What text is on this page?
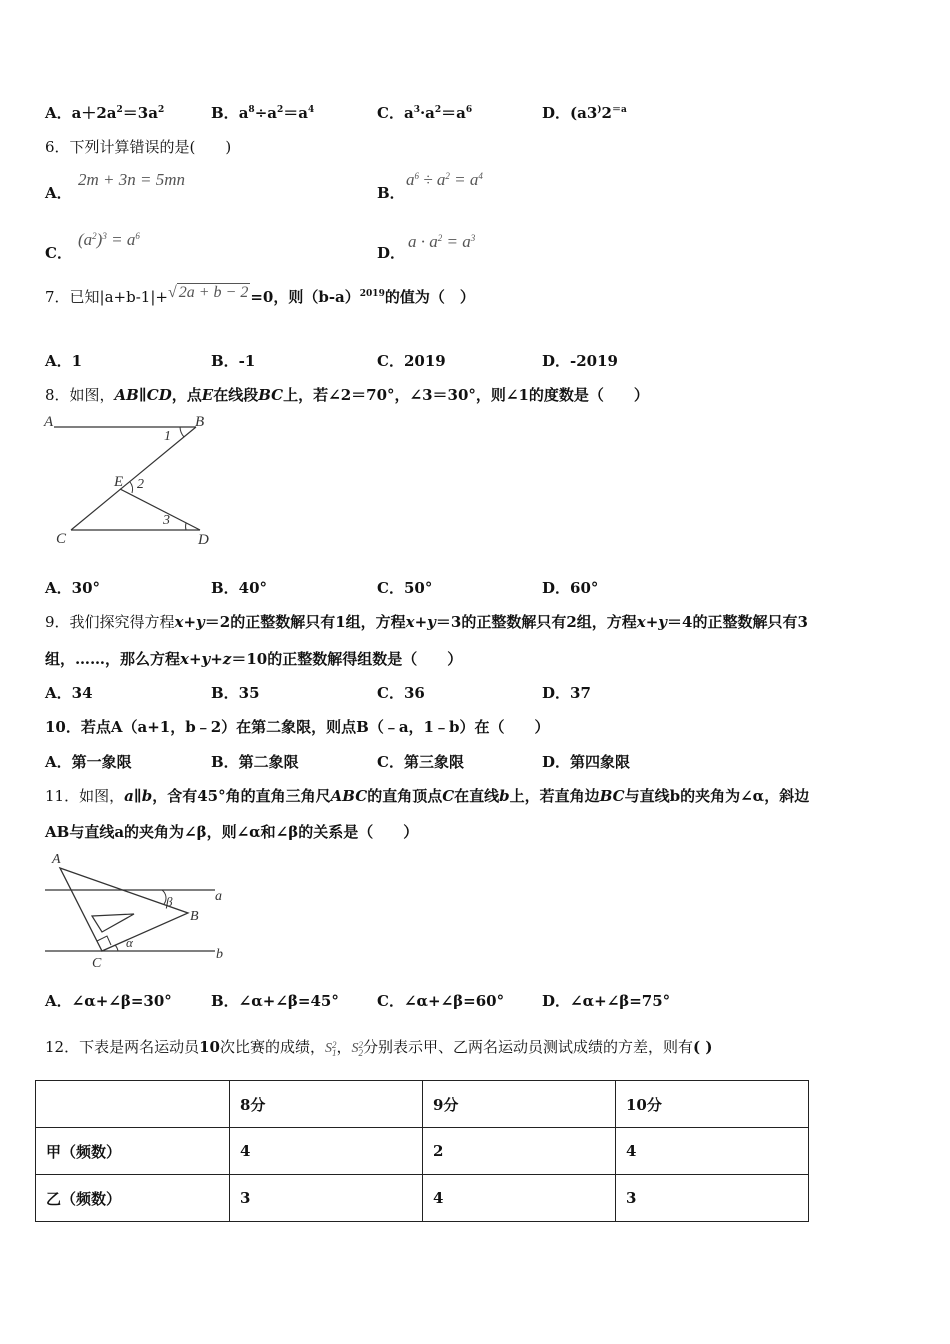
A．$a+2a^2=3a^2$	B．$a^8\div a^2=a^4$	C．$a^3\cdot a^2=a^6$	D．($a3^)2^{=a}$
6．下列计算错误的是(　　)
A．
2m + 3n = 5mn
B．
$a^6 \div a^2 = a^4$
C．
$(a^2)^3 = a^6$
D．
$a \cdot a^2 = a^3$
7．已知|a+b-1|+√ 2a + b − 2 =0，则$(b-a)^{2019}$的值为（　）
A．1	B．-1	C．2019	D．-2019
8．如图，AB∥CD，点E在线段BC上，若∠2＝70°，∠3＝30°，则∠1的度数是（　　）
A	B
1
E 2
C
3
D
A．30°	B．40°	C．50°	D．60°
9．我们探究得方程x+y＝2的正整数解只有1组，方程x+y＝3的正整数解只有2组，方程x+y＝4的正整数解只有3
组，……，那么方程x+y+z＝10的正整数解得组数是（　　）
A．34	B．35	C．36	D．37
10．若点A（a+1，b﹣2）在第二象限，则点B（﹣a，1﹣b）在（　　）
A．第一象限	B．第二象限	C．第三象限	D．第四象限
11．如图，a∥b，含有45°角的直角三角尺ABC的直角顶点C在直线b上，若直角边BC与直线b的夹角为∠α，斜边
AB与直线a的夹角为∠β，则∠α和∠β的关系是（　　）
A
β	a
B
α
C
b
A．∠α+∠β=30°	B．∠α+∠β=45°	C．∠α+∠β=60°	D．∠α+∠β=75°
12．下表是两名运动员10次比赛的成绩，S2
1，S2
2分别表示甲、乙两名运动员测试成绩的方差，则有( )
	8分	9分	10分
甲（频数）	4	2	4
乙（频数）	3	4	3
